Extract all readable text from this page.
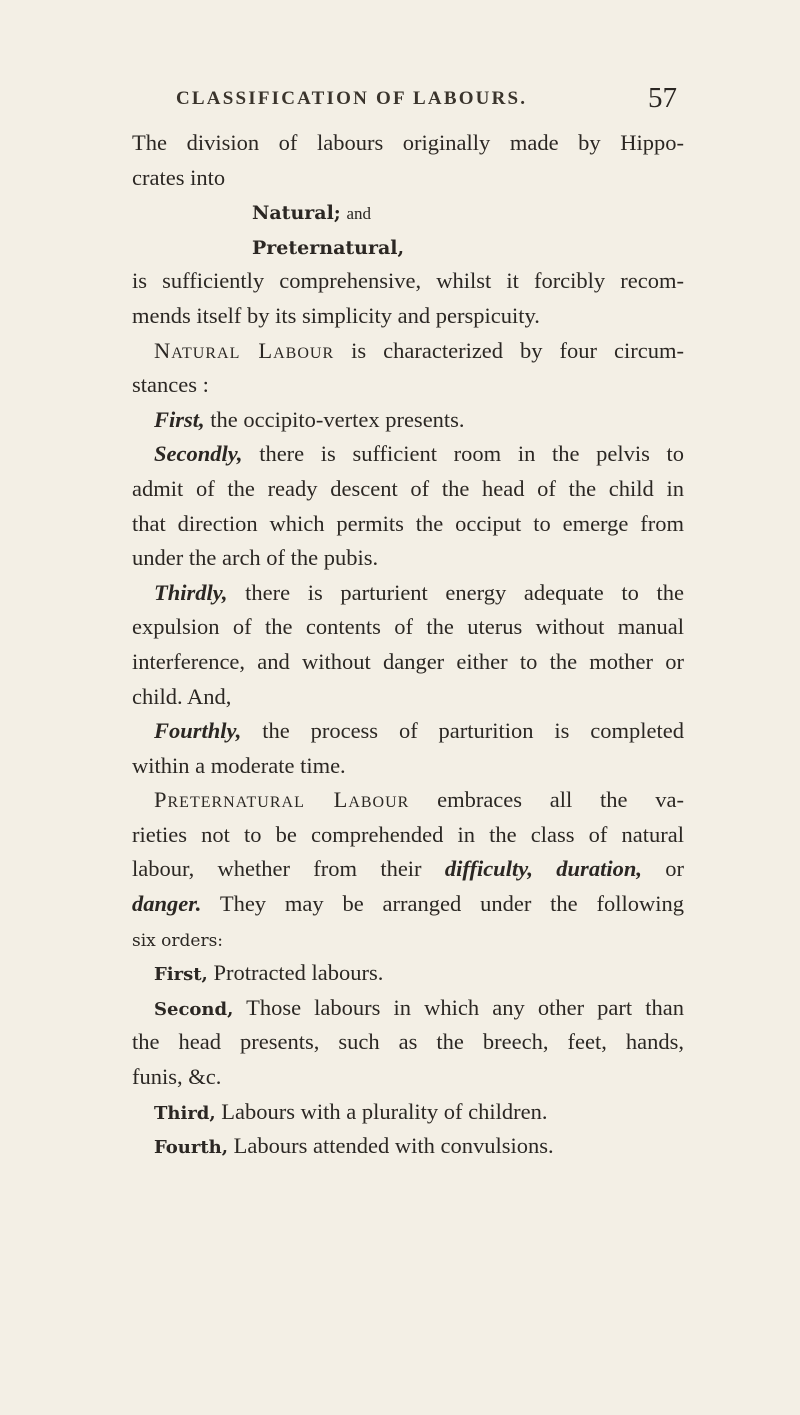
CLASSIFICATION OF LABOURS.	57
The division of labours originally made by Hippo-
crates into
Natural; and
Preternatural,
is sufficiently comprehensive, whilst it forcibly recom-
mends itself by its simplicity and perspicuity.
Natural Labour is characterized by four circum-
stances :
First, the occipito-vertex presents.
Secondly, there is sufficient room in the pelvis to
admit of the ready descent of the head of the child in
that direction which permits the occiput to emerge from
under the arch of the pubis.
Thirdly, there is parturient energy adequate to the
expulsion of the contents of the uterus without manual
interference, and without danger either to the mother or
child. And,
Fourthly, the process of parturition is completed
within a moderate time.
Preternatural Labour embraces all the va-
rieties not to be comprehended in the class of natural
labour, whether from their difficulty, duration, or
danger. They may be arranged under the following
six orders:
First, Protracted labours.
Second, Those labours in which any other part than
the head presents, such as the breech, feet, hands,
funis, &c.
Third, Labours with a plurality of children.
Fourth, Labours attended with convulsions.
